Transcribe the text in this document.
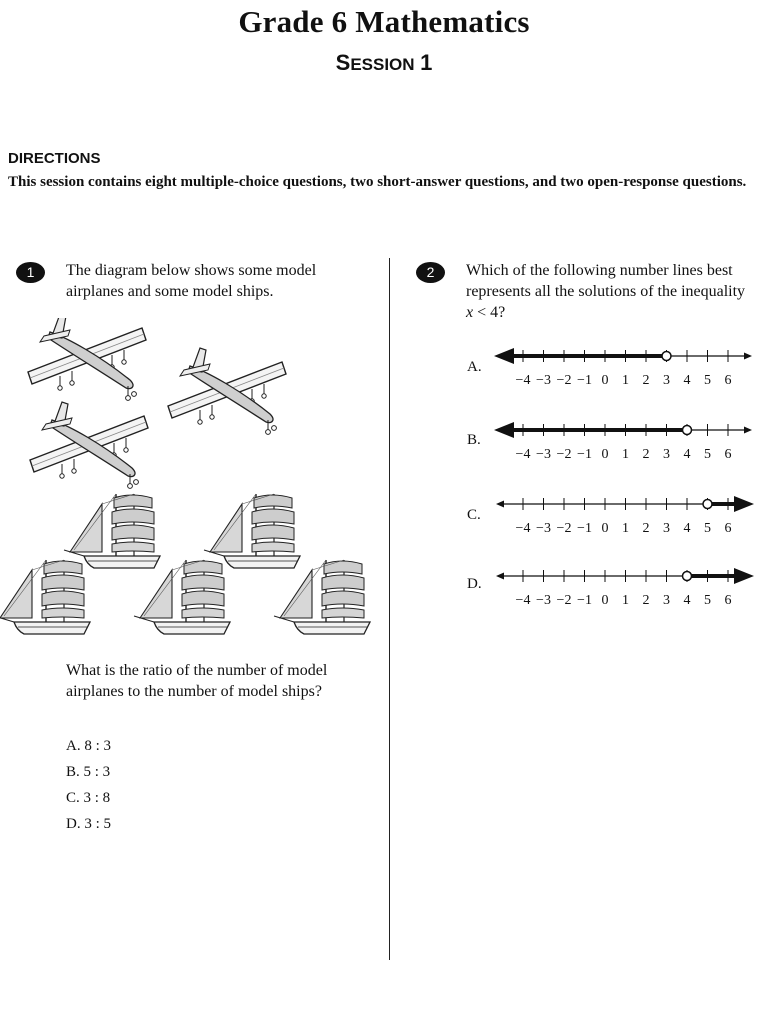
Grade 6 Mathematics
SESSION 1
DIRECTIONS
This session contains eight multiple-choice questions, two short-answer questions, and two open-response questions.
1	The diagram below shows some model airplanes and some model ships.
What is the ratio of the number of model airplanes to the number of model ships?
A. 8 : 3
B. 5 : 3
C. 3 : 8
D. 3 : 5
2	Which of the following number lines best represents all the solutions of the inequality x < 4?
A.
−4 −3 −2 −1 0 1 2 3 4 5 6
B.
−4 −3 −2 −1 0 1 2 3 4 5 6
C.
−4 −3 −2 −1 0 1 2 3 4 5 6
D.
−4 −3 −2 −1 0 1 2 3 4 5 6
